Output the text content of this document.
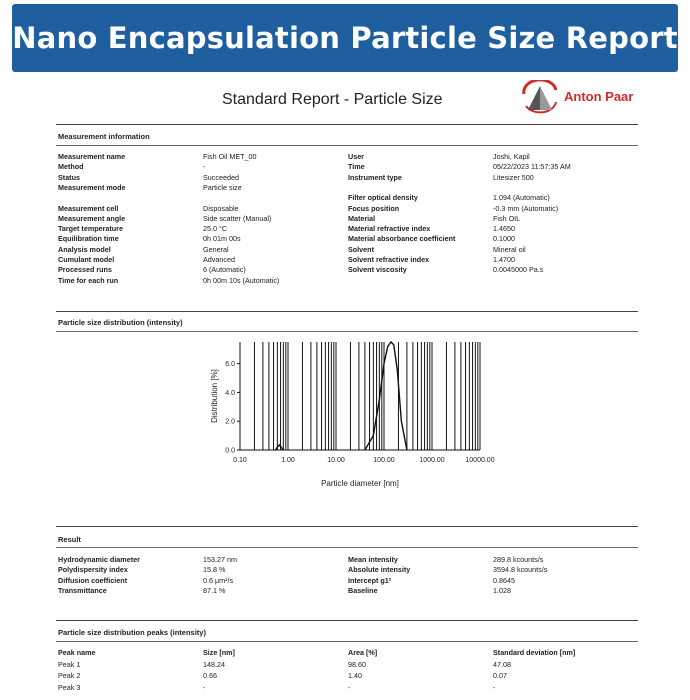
Nano Encapsulation Particle Size Report
Standard Report - Particle Size	Anton Paar
Measurement information
Measurement name	Fish Oil MET_00
Method	-
Status	Succeeded
Measurement mode	Particle size
Measurement cell	Disposable
Measurement angle	Side scatter (Manual)
Target temperature	25.0 °C
Equilibration time	0h 01m 00s
Analysis model	General
Cumulant model	Advanced
Processed runs	6 (Automatic)
Time for each run	0h 00m 10s (Automatic)
User	Joshi, Kapil
Time	05/22/2023 11:57:35 AM
Instrument type	Litesizer 500
Filter optical density	1.094 (Automatic)
Focus position	-0.3 mm (Automatic)
Material	Fish OIL
Material refractive index	1.4650
Material absorbance coefficient	0.1000
Solvent	Mineral oil
Solvent refractive index	1.4700
Solvent viscosity	0.0045000 Pa.s
Particle size distribution (intensity)
0.0
2.0
4.0
6.0
0.10	1.00	10.00	100.00	1000.00	10000.00
Particle diameter [nm]
Distribution [%]
Result
Hydrodynamic diameter	153.27 nm
Polydispersity index	15.8 %
Diffusion coefficient	0.6 μm²/s
Transmittance	87.1 %
Mean intensity	289.8 kcounts/s
Absolute intensity	3594.8 kcounts/s
Intercept g1²	0.8645
Baseline	1.028
Particle size distribution peaks (intensity)
Peak name	Size [nm]	Area [%]	Standard deviation [nm]
Peak 1	148.24	98.60	47.08
Peak 2	0.66	1.40	0.07
Peak 3	-	-	-
